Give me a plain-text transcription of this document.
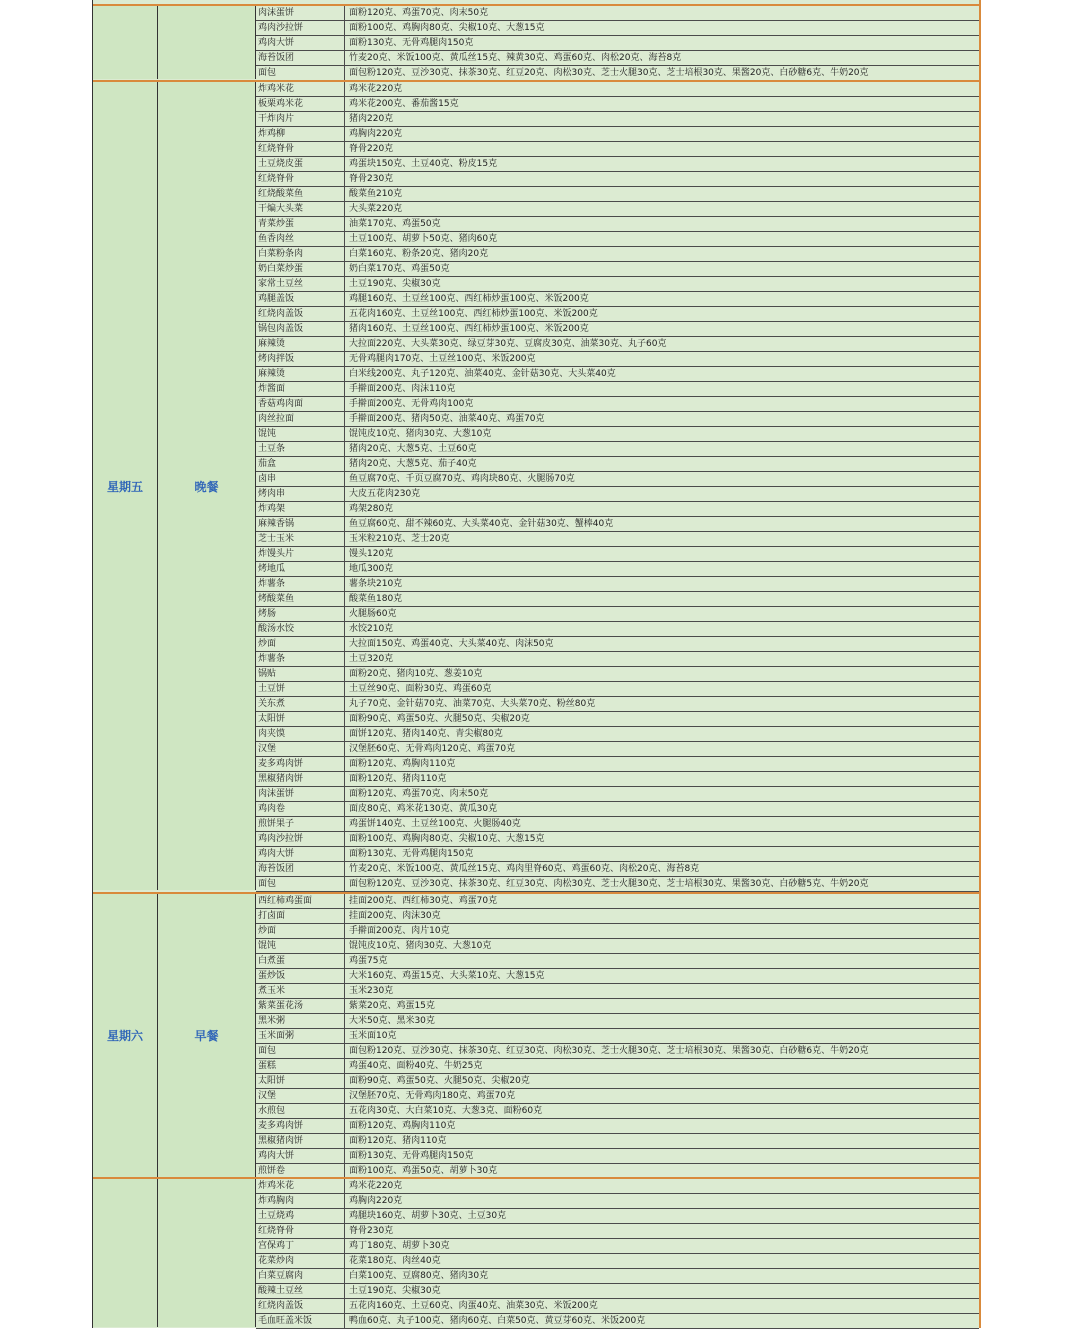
肉沫蛋饼	面粉120克、鸡蛋70克、肉末50克
鸡肉沙拉饼	面粉100克、鸡胸肉80克、尖椒10克、大葱15克
鸡肉大饼	面粉130克、无骨鸡腿肉150克
海苔饭团	竹麦20克、米饭100克、黄瓜丝15克、辣黄30克、鸡蛋60克、肉松20克、海苔8克
面包	面包粉120克、豆沙30克、抹茶30克、红豆20克、肉松30克、芝士火腿30克、芝士培根30克、果酱20克、白砂糖6克、牛奶20克
星期五	晚餐
炸鸡米花	鸡米花220克
板栗鸡米花	鸡米花200克、番茄酱15克
干炸肉片	猪肉220克
炸鸡柳	鸡胸肉220克
红烧脊骨	脊骨220克
土豆烧皮蛋	鸡蛋块150克、土豆40克、粉皮15克
红烧脊骨	脊骨230克
红烧酸菜鱼	酸菜鱼210克
干煸大头菜	大头菜220克
青菜炒蛋	油菜170克、鸡蛋50克
鱼香肉丝	土豆100克、胡萝卜50克、猪肉60克
白菜粉条肉	白菜160克、粉条20克、猪肉20克
奶白菜炒蛋	奶白菜170克、鸡蛋50克
家常土豆丝	土豆190克、尖椒30克
鸡腿盖饭	鸡腿160克、土豆丝100克、西红柿炒蛋100克、米饭200克
红烧肉盖饭	五花肉160克、土豆丝100克、西红柿炒蛋100克、米饭200克
锅包肉盖饭	猪肉160克、土豆丝100克、西红柿炒蛋100克、米饭200克
麻辣烫	大拉面220克、大头菜30克、绿豆芽30克、豆腐皮30克、油菜30克、丸子60克
烤肉拌饭	无骨鸡腿肉170克、土豆丝100克、米饭200克
麻辣烫	白米线200克、丸子120克、油菜40克、金针菇30克、大头菜40克
炸酱面	手擀面200克、肉沫110克
香菇鸡肉面	手擀面200克、无骨鸡肉100克
肉丝拉面	手擀面200克、猪肉50克、油菜40克、鸡蛋70克
馄饨	馄饨皮10克、猪肉30克、大葱10克
土豆条	猪肉20克、大葱5克、土豆60克
茄盒	猪肉20克、大葱5克、茄子40克
卤串	鱼豆腐70克、千页豆腐70克、鸡肉块80克、火腿肠70克
烤肉串	大皮五花肉230克
炸鸡架	鸡架280克
麻辣香锅	鱼豆腐60克、甜不辣60克、大头菜40克、金针菇30克、蟹棒40克
芝士玉米	玉米粒210克、芝士20克
炸馒头片	馒头120克
烤地瓜	地瓜300克
炸薯条	薯条块210克
烤酸菜鱼	酸菜鱼180克
烤肠	火腿肠60克
酸汤水饺	水饺210克
炒面	大拉面150克、鸡蛋40克、大头菜40克、肉沫50克
炸薯条	土豆320克
锅贴	面粉20克、猪肉10克、葱姜10克
土豆饼	土豆丝90克、面粉30克、鸡蛋60克
关东煮	丸子70克、金针菇70克、油菜70克、大头菜70克、粉丝80克
太阳饼	面粉90克、鸡蛋50克、火腿50克、尖椒20克
肉夹馍	面饼120克、猪肉140克、青尖椒80克
汉堡	汉堡胚60克、无骨鸡肉120克、鸡蛋70克
麦多鸡肉饼	面粉120克、鸡胸肉110克
黑椒猪肉饼	面粉120克、猪肉110克
肉沫蛋饼	面粉120克、鸡蛋70克、肉末50克
鸡肉卷	面皮80克、鸡米花130克、黄瓜30克
煎饼果子	鸡蛋饼140克、土豆丝100克、火腿肠40克
鸡肉沙拉饼	面粉100克、鸡胸肉80克、尖椒10克、大葱15克
鸡肉大饼	面粉130克、无骨鸡腿肉150克
海苔饭团	竹麦20克、米饭100克、黄瓜丝15克、鸡肉里脊60克、鸡蛋60克、肉松20克、海苔8克
面包	面包粉120克、豆沙30克、抹茶30克、红豆30克、肉松30克、芝士火腿30克、芝士培根30克、果酱30克、白砂糖5克、牛奶20克
星期六	早餐
西红柿鸡蛋面	挂面200克、西红柿30克、鸡蛋70克
打卤面	挂面200克、肉沫30克
炒面	手擀面200克、肉片10克
馄饨	馄饨皮10克、猪肉30克、大葱10克
白煮蛋	鸡蛋75克
蛋炒饭	大米160克、鸡蛋15克、大头菜10克、大葱15克
煮玉米	玉米230克
紫菜蛋花汤	紫菜20克、鸡蛋15克
黑米粥	大米50克、黑米30克
玉米面粥	玉米面10克
面包	面包粉120克、豆沙30克、抹茶30克、红豆30克、肉松30克、芝士火腿30克、芝士培根30克、果酱30克、白砂糖6克、牛奶20克
蛋糕	鸡蛋40克、面粉40克、牛奶25克
太阳饼	面粉90克、鸡蛋50克、火腿50克、尖椒20克
汉堡	汉堡胚70克、无骨鸡肉180克、鸡蛋70克
水煎包	五花肉30克、大白菜10克、大葱3克、面粉60克
麦多鸡肉饼	面粉120克、鸡胸肉110克
黑椒猪肉饼	面粉120克、猪肉110克
鸡肉大饼	面粉130克、无骨鸡腿肉150克
煎饼卷	面粉100克、鸡蛋50克、胡萝卜30克
炸鸡米花	鸡米花220克
炸鸡胸肉	鸡胸肉220克
土豆烧鸡	鸡腿块160克、胡萝卜30克、土豆30克
红烧脊骨	脊骨230克
宫保鸡丁	鸡丁180克、胡萝卜30克
花菜炒肉	花菜180克、肉丝40克
白菜豆腐肉	白菜100克、豆腐80克、猪肉30克
酸辣土豆丝	土豆190克、尖椒30克
红烧肉盖饭	五花肉160克、土豆60克、肉蛋40克、油菜30克、米饭200克
毛血旺盖米饭	鸭血60克、丸子100克、猪肉60克、白菜50克、黄豆芽60克、米饭200克
